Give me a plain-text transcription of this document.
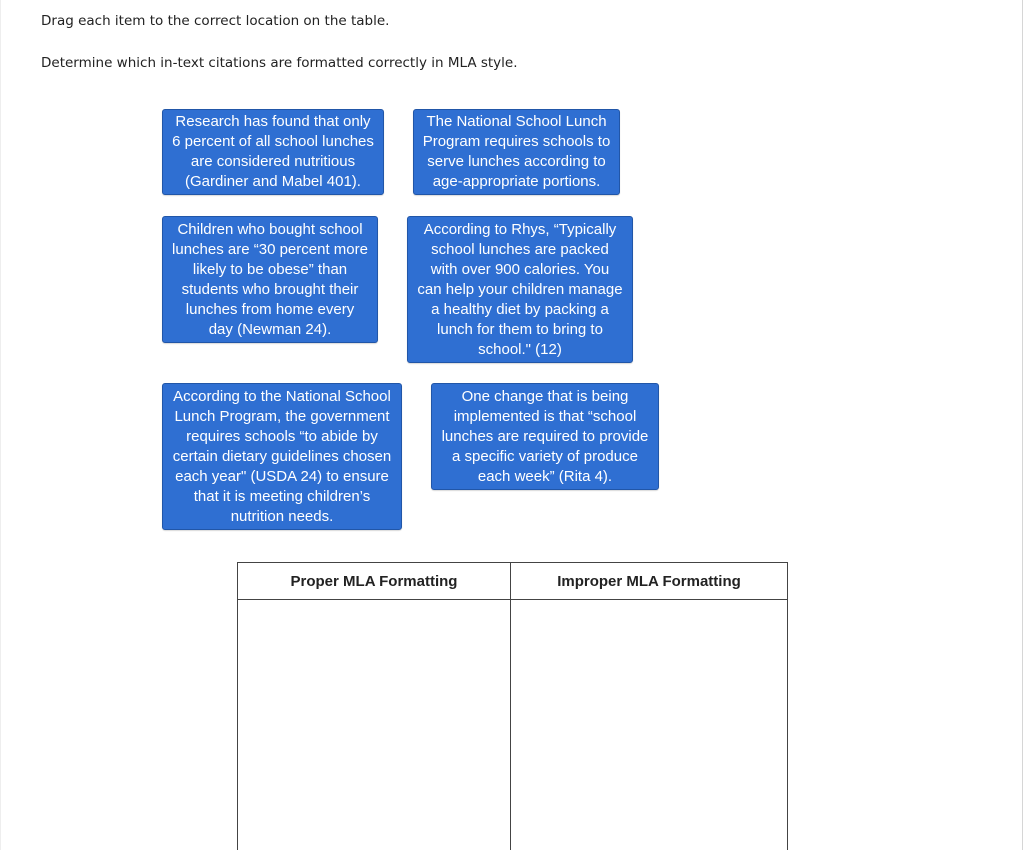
Drag each item to the correct location on the table.
Determine which in-text citations are formatted correctly in MLA style.
Research has found that only
6 percent of all school lunches
are considered nutritious
(Gardiner and Mabel 401).
The National School Lunch
Program requires schools to
serve lunches according to
age-appropriate portions.
Children who bought school
lunches are “30 percent more
likely to be obese” than
students who brought their
lunches from home every
day (Newman 24).
According to Rhys, “Typically
school lunches are packed
with over 900 calories. You
can help your children manage
a healthy diet by packing a
lunch for them to bring to
school." (12)
According to the National School
Lunch Program, the government
requires schools “to abide by
certain dietary guidelines chosen
each year" (USDA 24) to ensure
that it is meeting children’s
nutrition needs.
One change that is being
implemented is that “school
lunches are required to provide
a specific variety of produce
each week” (Rita 4).
Proper MLA Formatting	Improper MLA Formatting
